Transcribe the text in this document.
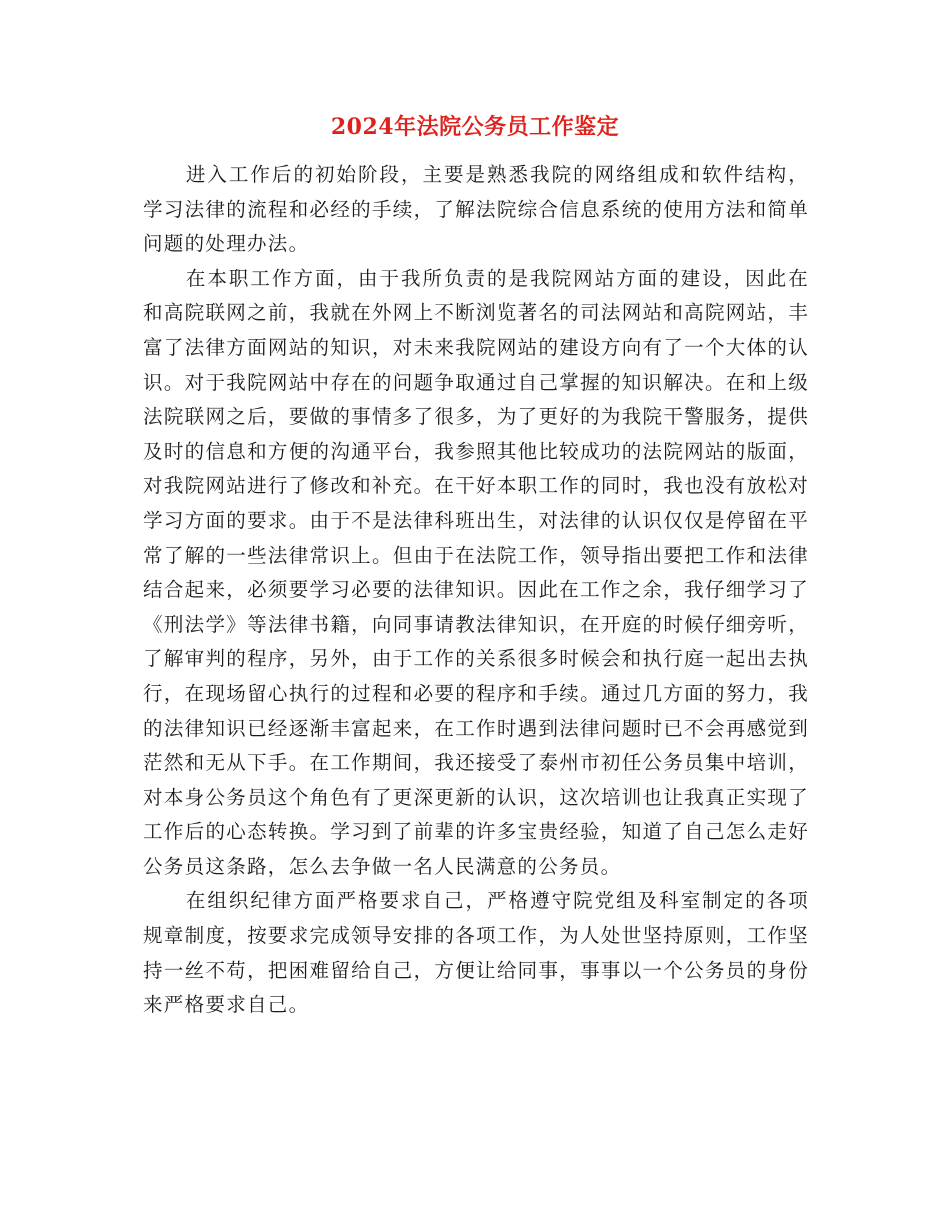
2024年法院公务员工作鉴定

进入工作后的初始阶段，主要是熟悉我院的网络组成和软件结构，学习法律的流程和必经的手续，了解法院综合信息系统的使用方法和简单问题的处理办法。

在本职工作方面，由于我所负责的是我院网站方面的建设，因此在和高院联网之前，我就在外网上不断浏览著名的司法网站和高院网站，丰富了法律方面网站的知识，对未来我院网站的建设方向有了一个大体的认识。对于我院网站中存在的问题争取通过自己掌握的知识解决。在和上级法院联网之后，要做的事情多了很多，为了更好的为我院干警服务，提供及时的信息和方便的沟通平台，我参照其他比较成功的法院网站的版面，对我院网站进行了修改和补充。在干好本职工作的同时，我也没有放松对学习方面的要求。由于不是法律科班出生，对法律的认识仅仅是停留在平常了解的一些法律常识上。但由于在法院工作，领导指出要把工作和法律结合起来，必须要学习必要的法律知识。因此在工作之余，我仔细学习了《刑法学》等法律书籍，向同事请教法律知识，在开庭的时候仔细旁听，了解审判的程序，另外，由于工作的关系很多时候会和执行庭一起出去执行，在现场留心执行的过程和必要的程序和手续。通过几方面的努力，我的法律知识已经逐渐丰富起来，在工作时遇到法律问题时已不会再感觉到茫然和无从下手。在工作期间，我还接受了泰州市初任公务员集中培训，对本身公务员这个角色有了更深更新的认识，这次培训也让我真正实现了工作后的心态转换。学习到了前辈的许多宝贵经验，知道了自己怎么走好公务员这条路，怎么去争做一名人民满意的公务员。

在组织纪律方面严格要求自己，严格遵守院党组及科室制定的各项规章制度，按要求完成领导安排的各项工作，为人处世坚持原则，工作坚持一丝不苟，把困难留给自己，方便让给同事，事事以一个公务员的身份来严格要求自己。
